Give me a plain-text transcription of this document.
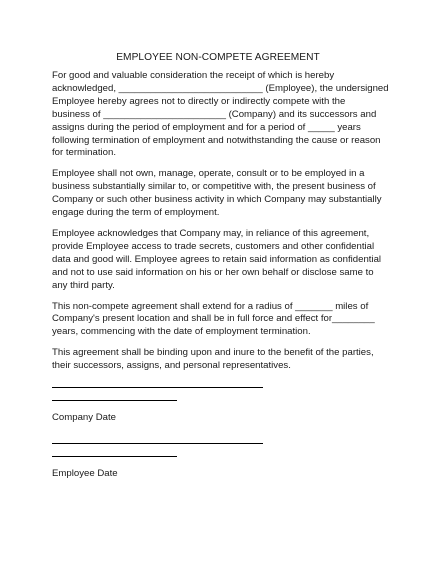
EMPLOYEE NON-COMPETE AGREEMENT
For good and valuable consideration the receipt of which is hereby
acknowledged, ___________________________ (Employee), the undersigned
Employee hereby agrees not to directly or indirectly compete with the
business of _______________________ (Company) and its successors and
assigns during the period of employment and for a period of _____ years
following termination of employment and notwithstanding the cause or reason
for termination.
Employee shall not own, manage, operate, consult or to be employed in a
business substantially similar to, or competitive with, the present business of
Company or such other business activity in which Company may substantially
engage during the term of employment.
Employee acknowledges that Company may, in reliance of this agreement,
provide Employee access to trade secrets, customers and other confidential
data and good will. Employee agrees to retain said information as confidential
and not to use said information on his or her own behalf or disclose same to
any third party.
This non-compete agreement shall extend for a radius of _______ miles of
Company's present location and shall be in full force and effect for________
years, commencing with the date of employment termination.
This agreement shall be binding upon and inure to the benefit of the parties,
their successors, assigns, and personal representatives.
Company Date
Employee Date
